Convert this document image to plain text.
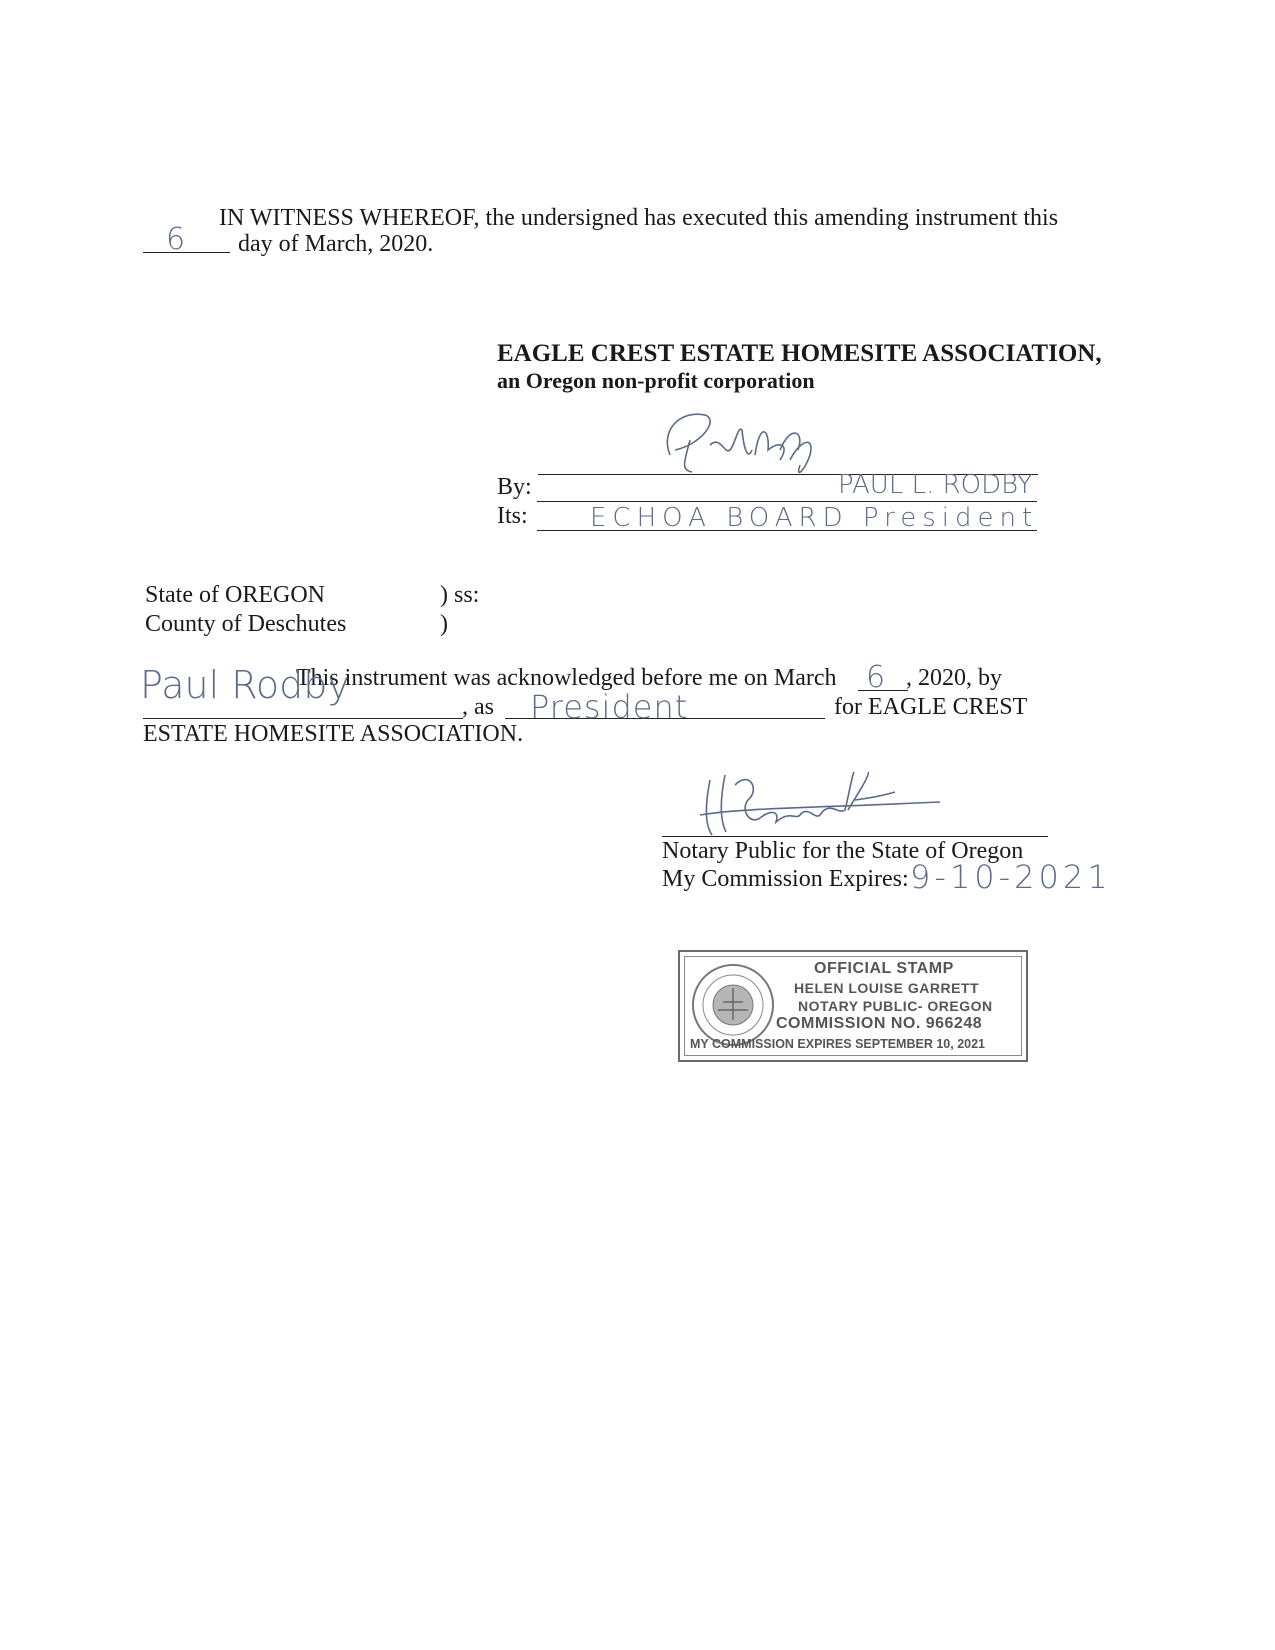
IN WITNESS WHEREOF, the undersigned has executed this amending instrument this
6 day of March, 2020.
EAGLE CREST ESTATE HOMESITE ASSOCIATION,
an Oregon non-profit corporation
By:	PAUL L. RODBY
Its: ECHOA BOARD President
State of OREGON	) ss:
County of Deschutes	)
This instrument was acknowledged before me on March 6 , 2020, by
Paul Rodby	, as President	for EAGLE CREST
ESTATE HOMESITE ASSOCIATION.
Notary Public for the State of Oregon
My Commission Expires: 9-10-2021
OFFICIAL STAMP
HELEN LOUISE GARRETT
NOTARY PUBLIC- OREGON
COMMISSION NO. 966248
MY COMMISSION EXPIRES SEPTEMBER 10, 2021
